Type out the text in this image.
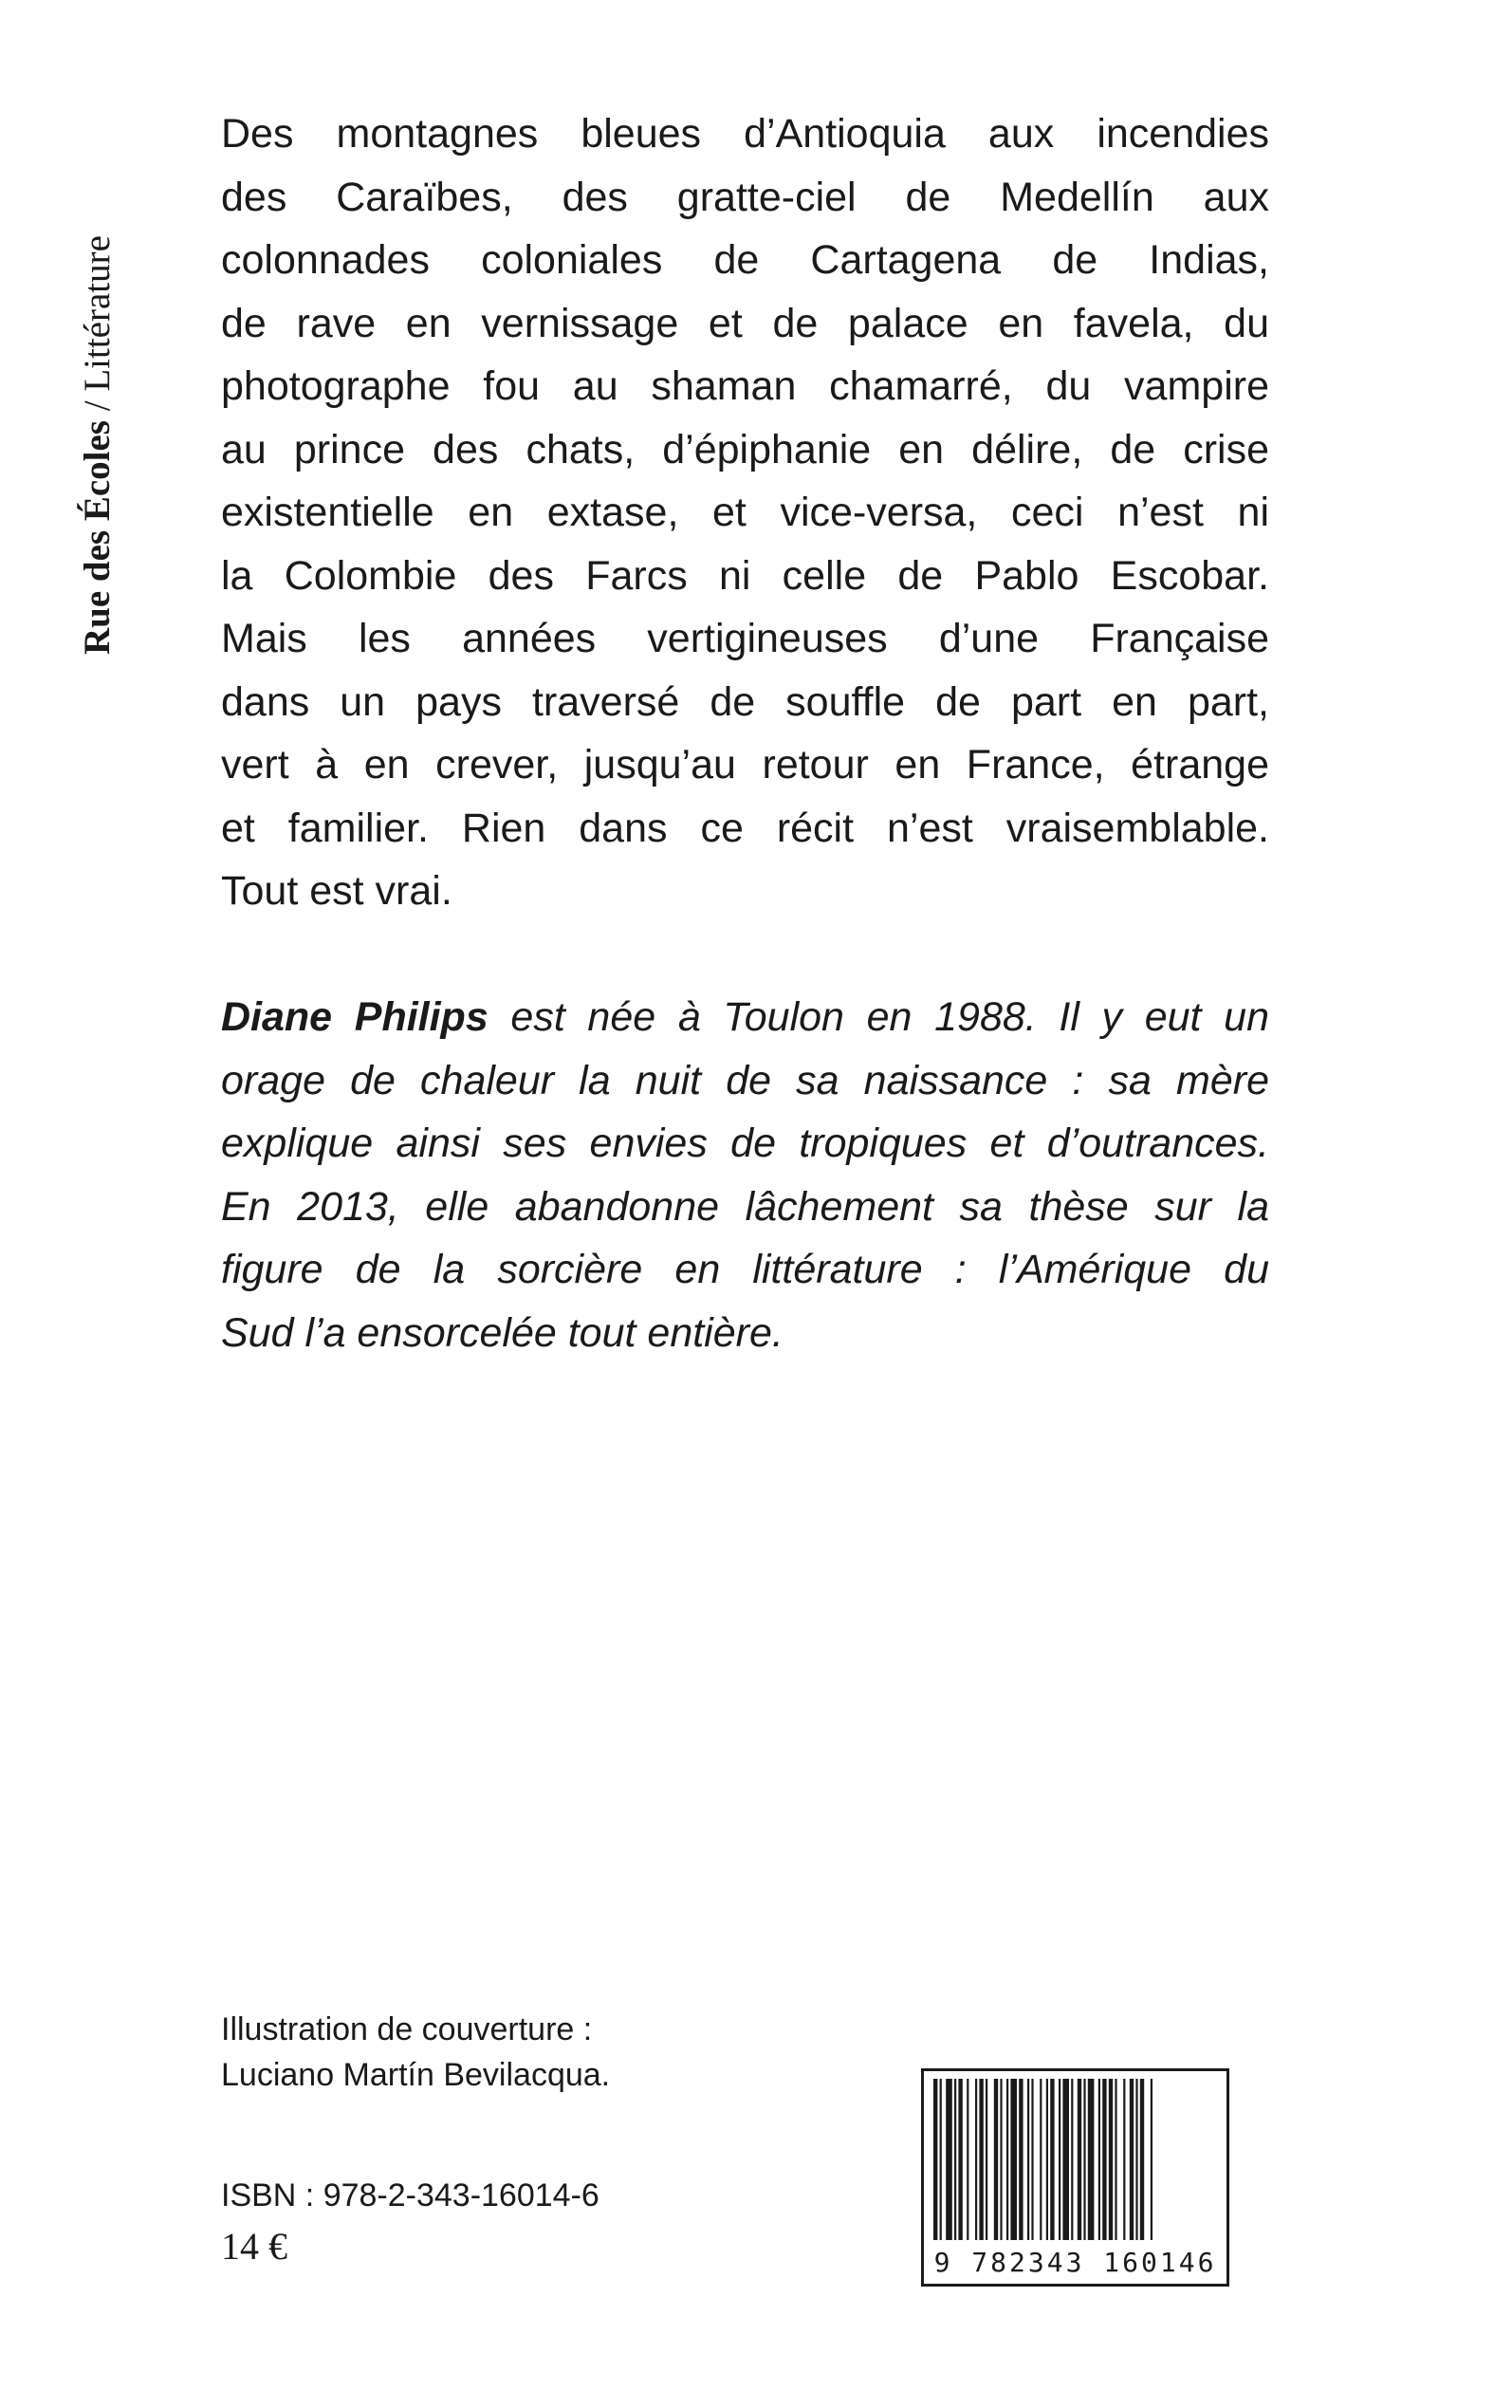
Rue des Écoles / Littérature

Des montagnes bleues d’Antioquia aux incendies
des Caraïbes, des gratte-ciel de Medellín aux
colonnades coloniales de Cartagena de Indias,
de rave en vernissage et de palace en favela, du
photographe fou au shaman chamarré, du vampire
au prince des chats, d’épiphanie en délire, de crise
existentielle en extase, et vice-versa, ceci n’est ni
la Colombie des Farcs ni celle de Pablo Escobar.
Mais les années vertigineuses d’une Française
dans un pays traversé de souffle de part en part,
vert à en crever, jusqu’au retour en France, étrange
et familier. Rien dans ce récit n’est vraisemblable.
Tout est vrai.

Diane Philips est née à Toulon en 1988. Il y eut un
orage de chaleur la nuit de sa naissance : sa mère
explique ainsi ses envies de tropiques et d’outrances.
En 2013, elle abandonne lâchement sa thèse sur la
figure de la sorcière en littérature : l’Amérique du
Sud l’a ensorcelée tout entière.

Illustration de couverture :
Luciano Martín Bevilacqua.
ISBN : 978-2-343-16014-6
14 €	9 782343 160146
